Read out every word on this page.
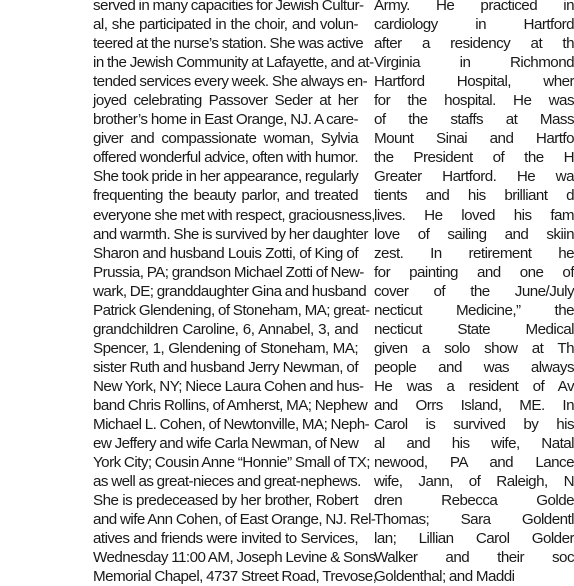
served in many capacities for Jewish Cultur-
al, she participated in the choir, and volun-
teered at the nurse’s station. She was active
in the Jewish Community at Lafayette, and at-
tended services every week. She always en-
joyed celebrating Passover Seder at her
brother’s home in East Orange, NJ. A care-
giver and compassionate woman, Sylvia
offered wonderful advice, often with humor.
She took pride in her appearance, regularly
frequenting the beauty parlor, and treated
everyone she met with respect, graciousness,
and warmth. She is survived by her daughter
Sharon and husband Louis Zotti, of King of
Prussia, PA; grandson Michael Zotti of New-
wark, DE; granddaughter Gina and husband
Patrick Glendening, of Stoneham, MA; great-
grandchildren Caroline, 6, Annabel, 3, and
Spencer, 1, Glendening of Stoneham, MA;
sister Ruth and husband Jerry Newman, of
New York, NY; Niece Laura Cohen and hus-
band Chris Rollins, of Amherst, MA; Nephew
Michael L. Cohen, of Newtonville, MA; Neph-
ew Jeffery and wife Carla Newman, of New
York City; Cousin Anne “Honnie” Small of TX;
as well as great-nieces and great-nephews.
She is predeceased by her brother, Robert
and wife Ann Cohen, of East Orange, NJ. Rel-
atives and friends were invited to Services,
Wednesday 11:00 AM, Joseph Levine & Sons
Memorial Chapel, 4737 Street Road, Trevose,
Army. He practiced in
cardiology in Hartford
after a residency at th
Virginia in Richmond
Hartford Hospital, wher
for the hospital. He was
of the staffs at Mass
Mount Sinai and Hartfo
the President of the H
Greater Hartford. He wa
tients and his brilliant d
lives. He loved his fam
love of sailing and skiin
zest. In retirement he
for painting and one of
cover of the June/July
necticut Medicine,” the
necticut State Medical
given a solo show at Th
people and was always
He was a resident of Av
and Orrs Island, ME. In
Carol is survived by his
al and his wife, Natal
newood, PA and Lance
wife, Jann, of Raleigh, N
dren Rebecca Golde
Thomas; Sara Goldentl
lan; Lillian Carol Golder
Walker and their soc
Goldenthal; and Maddi
